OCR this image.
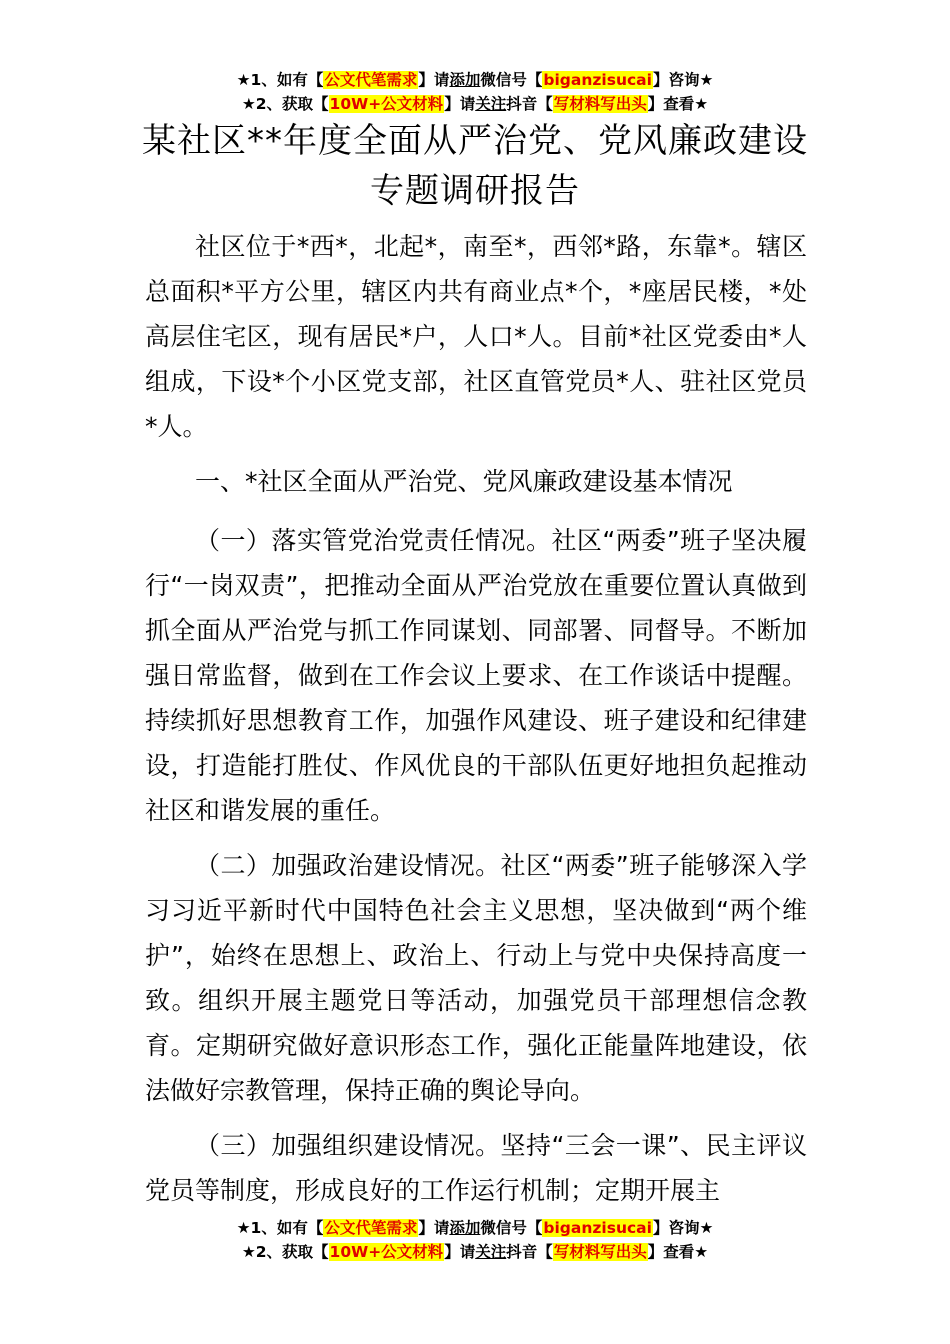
★1、如有【公文代笔需求】请添加微信号【biganzisucai】咨询★
★2、获取【10W+公文材料】请关注抖音【写材料写出头】查看★
某社区**年度全面从严治党、党风廉政建设
专题调研报告

社区位于*西*，北起*，南至*，西邻*路，东靠*。辖区总面积*平方公里，辖区内共有商业点*个，*座居民楼，*处高层住宅区，现有居民*户，人口*人。目前*社区党委由*人组成，下设*个小区党支部，社区直管党员*人、驻社区党员*人。

一、*社区全面从严治党、党风廉政建设基本情况

（一）落实管党治党责任情况。社区“两委”班子坚决履行“一岗双责”，把推动全面从严治党放在重要位置认真做到抓全面从严治党与抓工作同谋划、同部署、同督导。不断加强日常监督，做到在工作会议上要求、在工作谈话中提醒。持续抓好思想教育工作，加强作风建设、班子建设和纪律建设，打造能打胜仗、作风优良的干部队伍更好地担负起推动社区和谐发展的重任。

（二）加强政治建设情况。社区“两委”班子能够深入学习习近平新时代中国特色社会主义思想，坚决做到“两个维护”，始终在思想上、政治上、行动上与党中央保持高度一致。组织开展主题党日等活动，加强党员干部理想信念教育。定期研究做好意识形态工作，强化正能量阵地建设，依法做好宗教管理，保持正确的舆论导向。

（三）加强组织建设情况。坚持“三会一课”、民主评议党员等制度，形成良好的工作运行机制；定期开展主

★1、如有【公文代笔需求】请添加微信号【biganzisucai】咨询★
★2、获取【10W+公文材料】请关注抖音【写材料写出头】查看★
